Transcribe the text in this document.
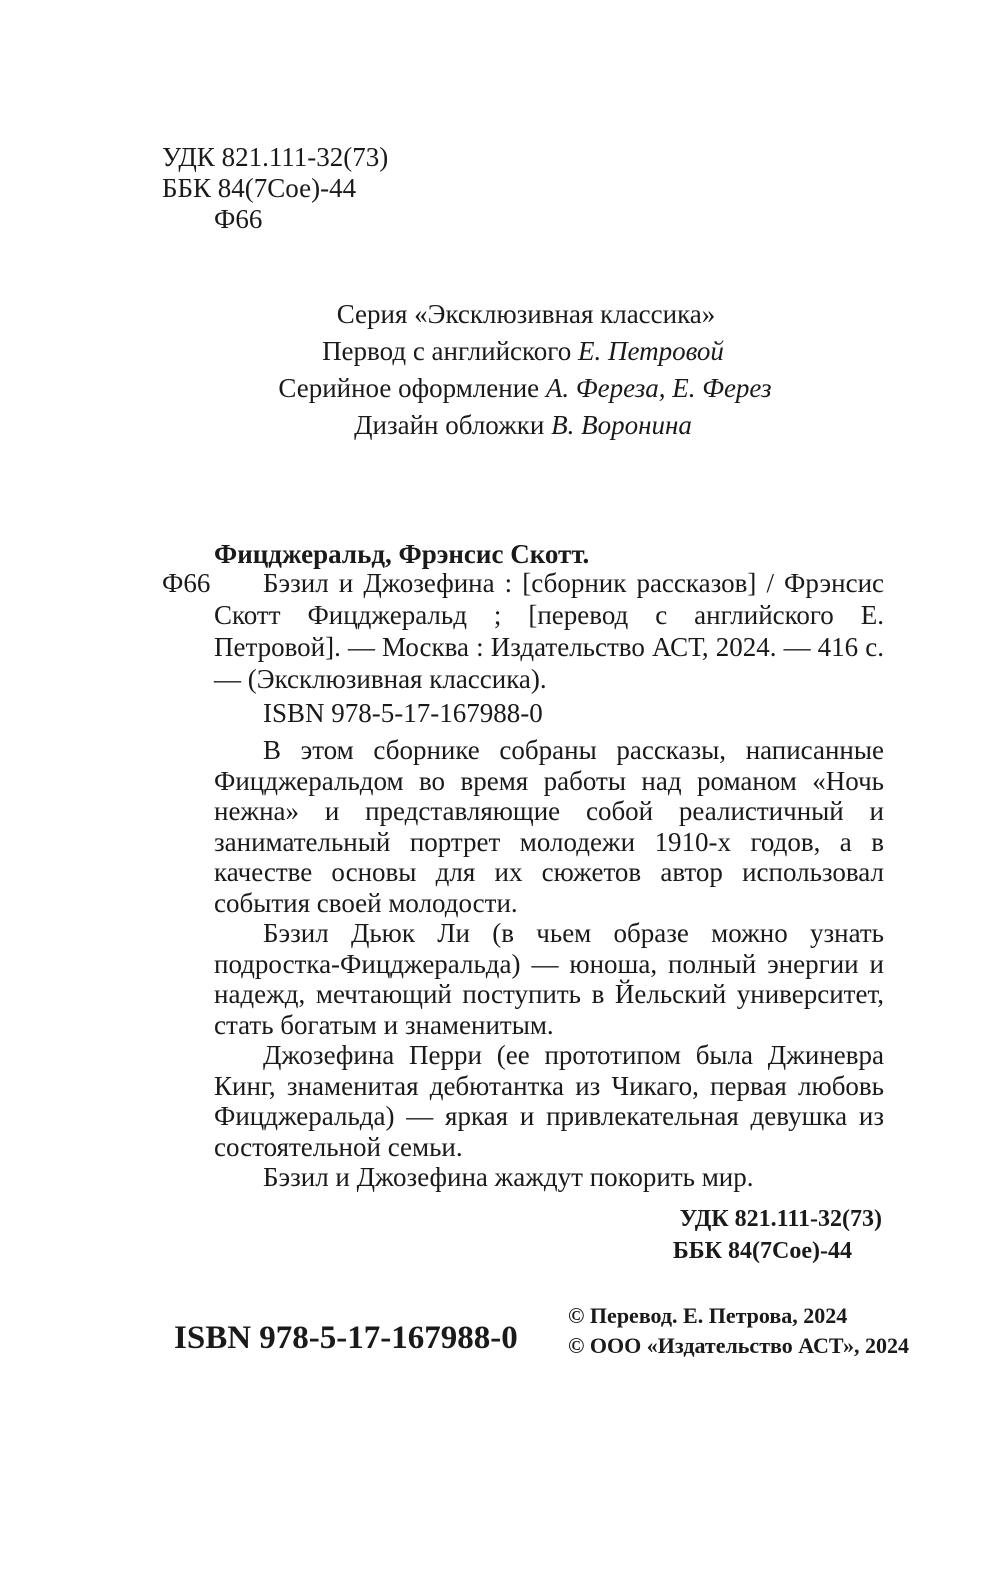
УДК 821.111-32(73)
ББК 84(7Сое)-44
Ф66
Серия «Эксклюзивная классика»
Первод с английского Е. Петровой
Серийное оформление А. Фереза, Е. Ферез
Дизайн обложки В. Воронина
Фицджеральд, Фрэнсис Скотт.
Ф66	Бэзил и Джозефина : [сборник рассказов] / Фрэнсис Скотт Фицджеральд ; [перевод с английского Е. Петровой]. — Москва : Издательство АСТ, 2024. — 416 с. — (Эксклюзивная классика).

ISBN 978-5-17-167988-0

В этом сборнике собраны рассказы, написанные Фицджеральдом во время работы над романом «Ночь нежна» и представляющие собой реалистичный и занимательный портрет молодежи 1910-х годов, а в качестве основы для их сюжетов автор использовал события своей молодости.

Бэзил Дьюк Ли (в чьем образе можно узнать подростка-Фицджеральда) — юноша, полный энергии и надежд, мечтающий поступить в Йельский университет, стать богатым и знаменитым.

Джозефина Перри (ее прототипом была Джиневра Кинг, знаменитая дебютантка из Чикаго, первая любовь Фицджеральда) — яркая и привлекательная девушка из состоятельной семьи.

Бэзил и Джозефина жаждут покорить мир.

УДК 821.111-32(73)
ББК 84(7Сое)-44
ISBN 978-5-17-167988-0
© Перевод. Е. Петрова, 2024
© ООО «Издательство АСТ», 2024
